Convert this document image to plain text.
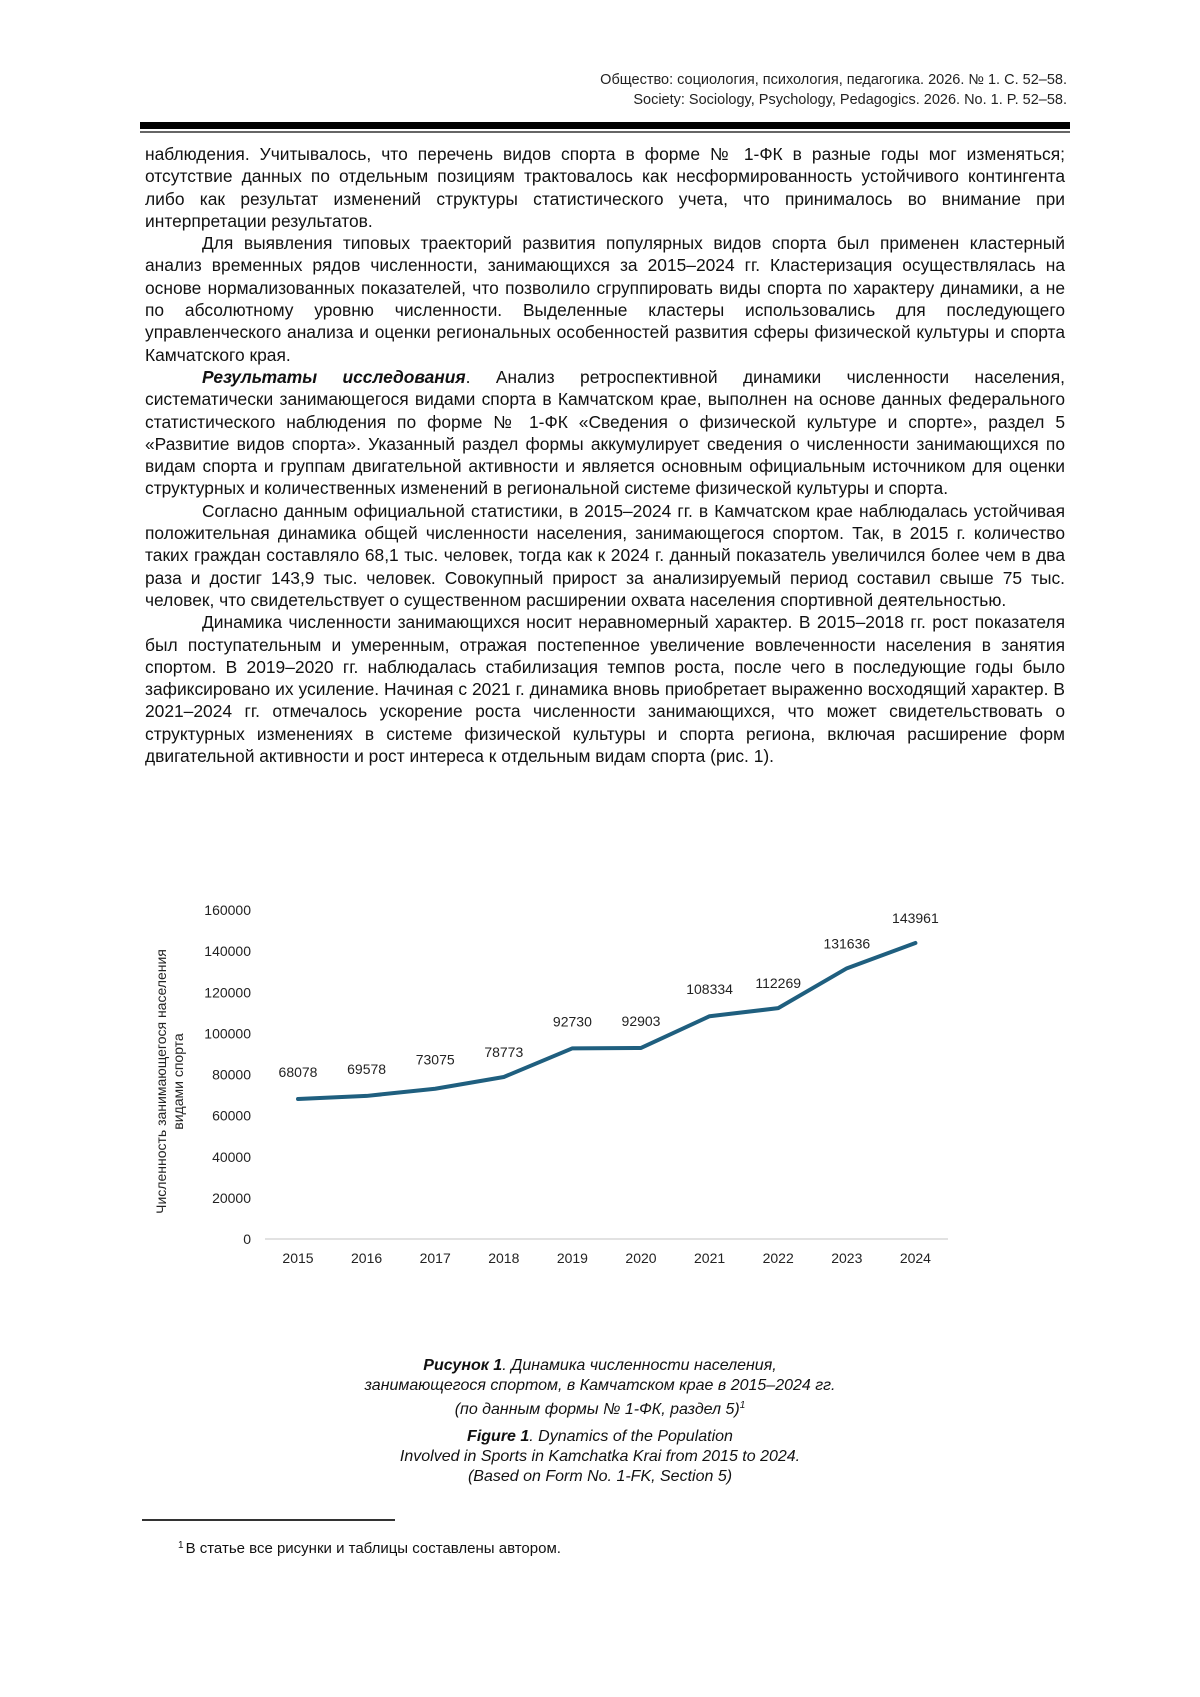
Общество: социология, психология, педагогика. 2026. № 1. С. 52–58.
Society: Sociology, Psychology, Pedagogics. 2026. No. 1. P. 52–58.

наблюдения. Учитывалось, что перечень видов спорта в форме № 1-ФК в разные годы мог изменяться; отсутствие данных по отдельным позициям трактовалось как несформированность устойчивого контингента либо как результат изменений структуры статистического учета, что принималось во внимание при интерпретации результатов.

Для выявления типовых траекторий развития популярных видов спорта был применен кластерный анализ временных рядов численности, занимающихся за 2015–2024 гг. Кластеризация осуществлялась на основе нормализованных показателей, что позволило сгруппировать виды спорта по характеру динамики, а не по абсолютному уровню численности. Выделенные кластеры использовались для последующего управленческого анализа и оценки региональных особенностей развития сферы физической культуры и спорта Камчатского края.

Результаты исследования. Анализ ретроспективной динамики численности населения, систематически занимающегося видами спорта в Камчатском крае, выполнен на основе данных федерального статистического наблюдения по форме № 1-ФК «Сведения о физической культуре и спорте», раздел 5 «Развитие видов спорта». Указанный раздел формы аккумулирует сведения о численности занимающихся по видам спорта и группам двигательной активности и является основным официальным источником для оценки структурных и количественных изменений в региональной системе физической культуры и спорта.

Согласно данным официальной статистики, в 2015–2024 гг. в Камчатском крае наблюдалась устойчивая положительная динамика общей численности населения, занимающегося спортом. Так, в 2015 г. количество таких граждан составляло 68,1 тыс. человек, тогда как к 2024 г. данный показатель увеличился более чем в два раза и достиг 143,9 тыс. человек. Совокупный прирост за анализируемый период составил свыше 75 тыс. человек, что свидетельствует о существенном расширении охвата населения спортивной деятельностью.

Динамика численности занимающихся носит неравномерный характер. В 2015–2018 гг. рост показателя был поступательным и умеренным, отражая постепенное увеличение вовлеченности населения в занятия спортом. В 2019–2020 гг. наблюдалась стабилизация темпов роста, после чего в последующие годы было зафиксировано их усиление. Начиная с 2021 г. динамика вновь приобретает выраженно восходящий характер. В 2021–2024 гг. отмечалось ускорение роста численности занимающихся, что может свидетельствовать о структурных изменениях в системе физической культуры и спорта региона, включая расширение форм двигательной активности и рост интереса к отдельным видам спорта (рис. 1).

0
20000
40000
60000
80000
100000
120000
140000
160000
2015	2016	2017	2018	2019	2020	2021	2022	2023	2024
68078 69578
73075 78773
92730 92903
108334 112269
131636
143961
Численность занимающегося населения видами спорта
Рисунок 1. Динамика численности населения,
занимающегося спортом, в Камчатском крае в 2015–2024 гг.
(по данным формы № 1-ФК, раздел 5)$^1$
Figure 1. Dynamics of the Population
Involved in Sports in Kamchatka Krai from 2015 to 2024.
(Based on Form No. 1-FK, Section 5)
$^1$ В статье все рисунки и таблицы составлены автором.
